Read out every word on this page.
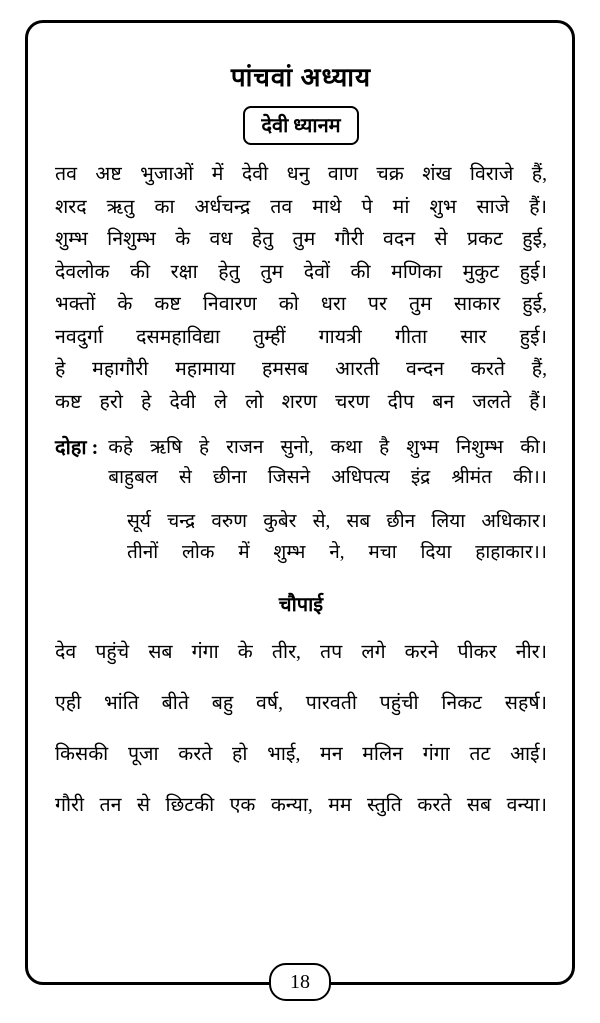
पांचवां अध्याय
देवी ध्यानम

तव अष्ट भुजाओं में देवी धनु वाण चक्र शंख विराजे हैं,

शरद ऋतु का अर्धचन्द्र तव माथे पे मां शुभ साजे हैं।

शुम्भ निशुम्भ के वध हेतु तुम गौरी वदन से प्रकट हुई,

देवलोक की रक्षा हेतु तुम देवों की मणिका मुकुट हुई।

भक्तों के कष्ट निवारण को धरा पर तुम साकार हुई,

नवदुर्गा दसमहाविद्या तुम्हीं गायत्री गीता सार हुई।

हे महागौरी महामाया हमसब आरती वन्दन करते हैं,

कष्ट हरो हे देवी ले लो शरण चरण दीप बन जलते हैं।

दोहा : कहे ऋषि हे राजन सुनो, कथा है शुभ्म निशुम्भ की।
बाहुबल से छीना जिसने अधिपत्य इंद्र श्रीमंत की।।
सूर्य चन्द्र वरुण कुबेर से, सब छीन लिया अधिकार।
तीनों लोक में शुम्भ ने, मचा दिया हाहाकार।।
चौपाई

देव पहुंचे सब गंगा के तीर, तप लगे करने पीकर नीर।

एही भांति बीते बहु वर्ष, पारवती पहुंची निकट सहर्ष।

किसकी पूजा करते हो भाई, मन मलिन गंगा तट आई।

गौरी तन से छिटकी एक कन्या, मम स्तुति करते सब वन्या।

18
